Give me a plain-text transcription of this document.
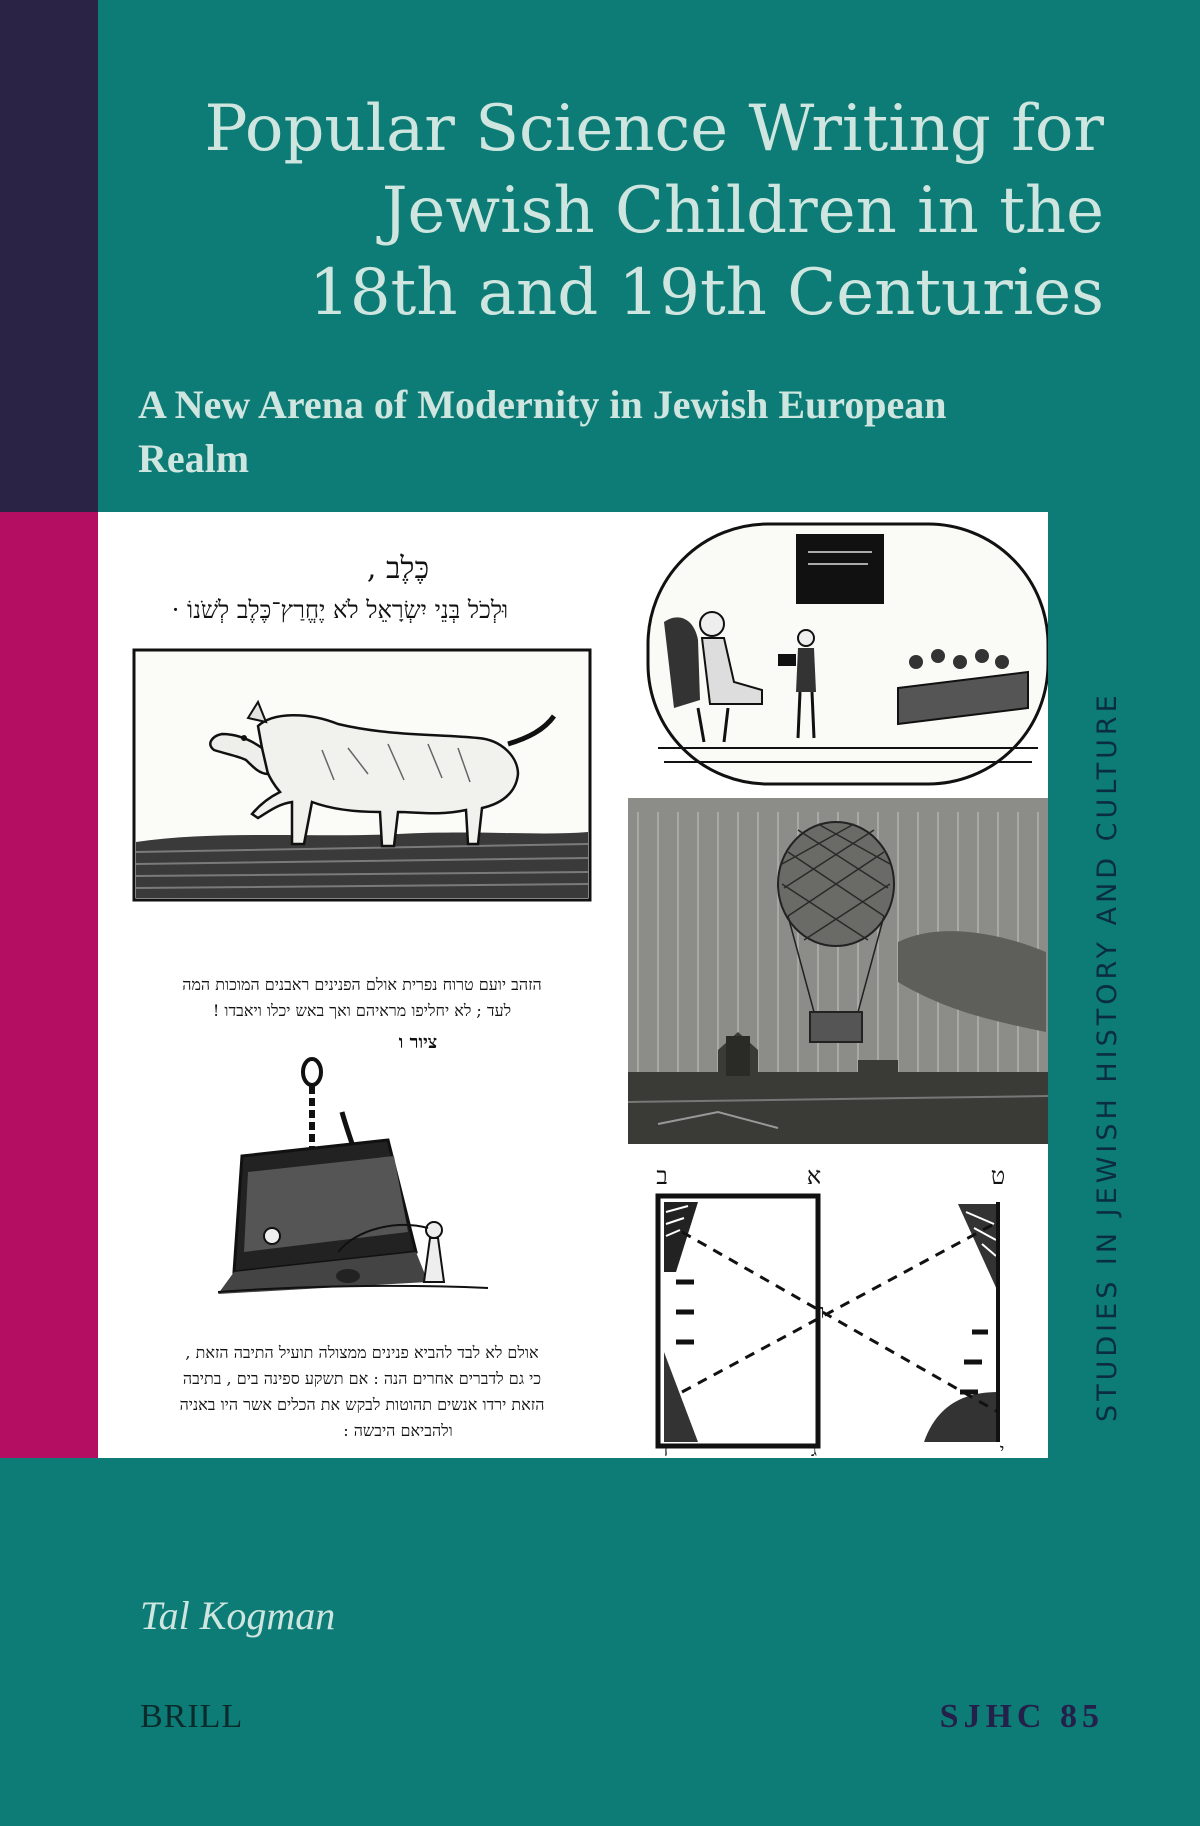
Popular Science Writing for
Jewish Children in the
18th and 19th Centuries
A New Arena of Modernity in Jewish European
Realm
כֶּלֶב ,
וּלְכֹל בְּנֵי יִשְׂרָאֵל לֹא יֶחֱרַץ־כֶּלֶב לְשֹׁנוֹ ·
הזהב יועם טרוח נפרית אולם הפנינים ראבנים המוכות המה
לעד ; לא יחליפו מראיהם ואך באש יכלו ויאבדו !
ציור ו
אולם לא לבד להביא פנינים ממצולה תועיל התיבה הזאת ,
כי גם לדברים אחרים הנה : אם תשקע ספינה בים , בתיבה
הזאת ירדו אנשים תהוטות לבקש את הכלים אשר היו באניה
ולהביאם היבשה :
ב	א	ט
ד	ג	י
ו	STUDIES IN JEWISH HISTORY AND CULTURE
Tal Kogman
BRILL	SJHC 85
